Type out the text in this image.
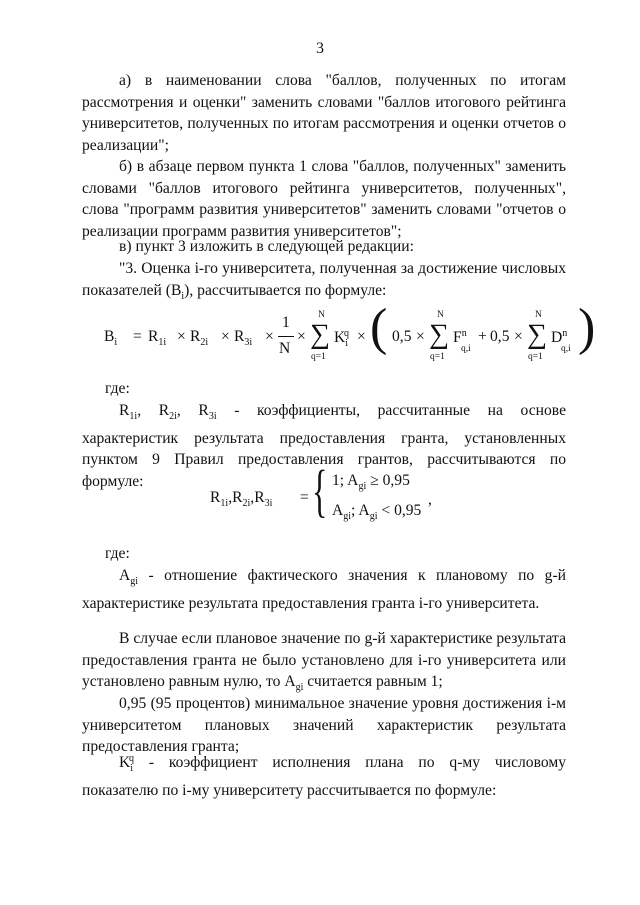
3

а) в наименовании слова "баллов, полученных по итогам рассмотрения и оценки" заменить словами "баллов итогового рейтинга университетов, полученных по итогам рассмотрения и оценки отчетов о реализации";

б) в абзаце первом пункта 1 слова "баллов, полученных" заменить словами "баллов итогового рейтинга университетов, полученных", слова "программ развития университетов" заменить словами "отчетов о реализации программ развития университетов";

в) пункт 3 изложить в следующей редакции:

"3. Оценка i-го университета, полученная за достижение числовых показателей $(B_i)$, рассчитывается по формуле:

$B_i = R_{1i} \times R_{2i} \times R_{3i}$ ×
1
N
×
N
∑
q=1
$K_i^q$ × ( 0,5 ×
N
∑
q=1
$F^n$
q,i
+ 0,5 ×
N
∑
q=1
$D^n$
q,i )

где:

$R_{1i}$, $R_{2i}$, $R_{3i}$ - коэффициенты, рассчитанные на основе характеристик результата предоставления гранта, установленных пунктом 9 Правил предоставления грантов, рассчитываются по формуле:

$R_{1i},R_{2i},R_{3i}$ = { 1; $A_{gi} \ge 0,95$
$A_{gi}$; $A_{gi} < 0,95$
,

где:

$A_{gi}$ - отношение фактического значения к плановому по g-й характеристике результата предоставления гранта i-го университета.

В случае если плановое значение по g-й характеристике результата предоставления гранта не было установлено для i-го университета или установлено равным нулю, то $A_{gi}$ считается равным 1;

0,95 (95 процентов) минимальное значение уровня достижения i-м университетом плановых значений характеристик результата предоставления гранта;

$K_i^q$ - коэффициент исполнения плана по q-му числовому показателю по i-му университету рассчитывается по формуле:
